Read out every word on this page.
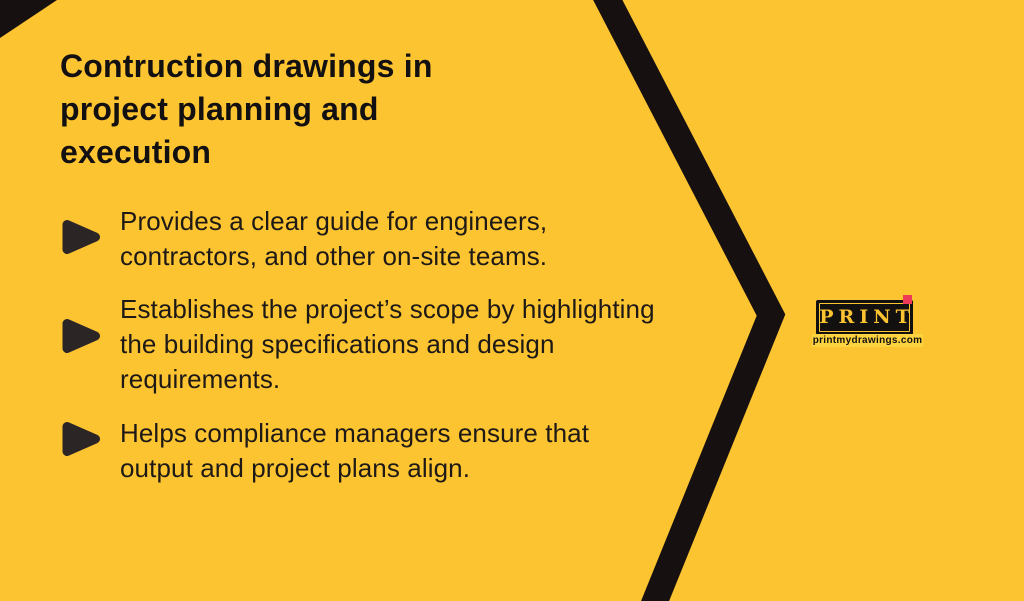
Contruction drawings in
project planning and
execution
Provides a clear guide for engineers,
contractors, and other on-site teams.
Establishes the project’s scope by highlighting
the building specifications and design
requirements.
Helps compliance managers ensure that
output and project plans align.
PRINT
printmydrawings.com
